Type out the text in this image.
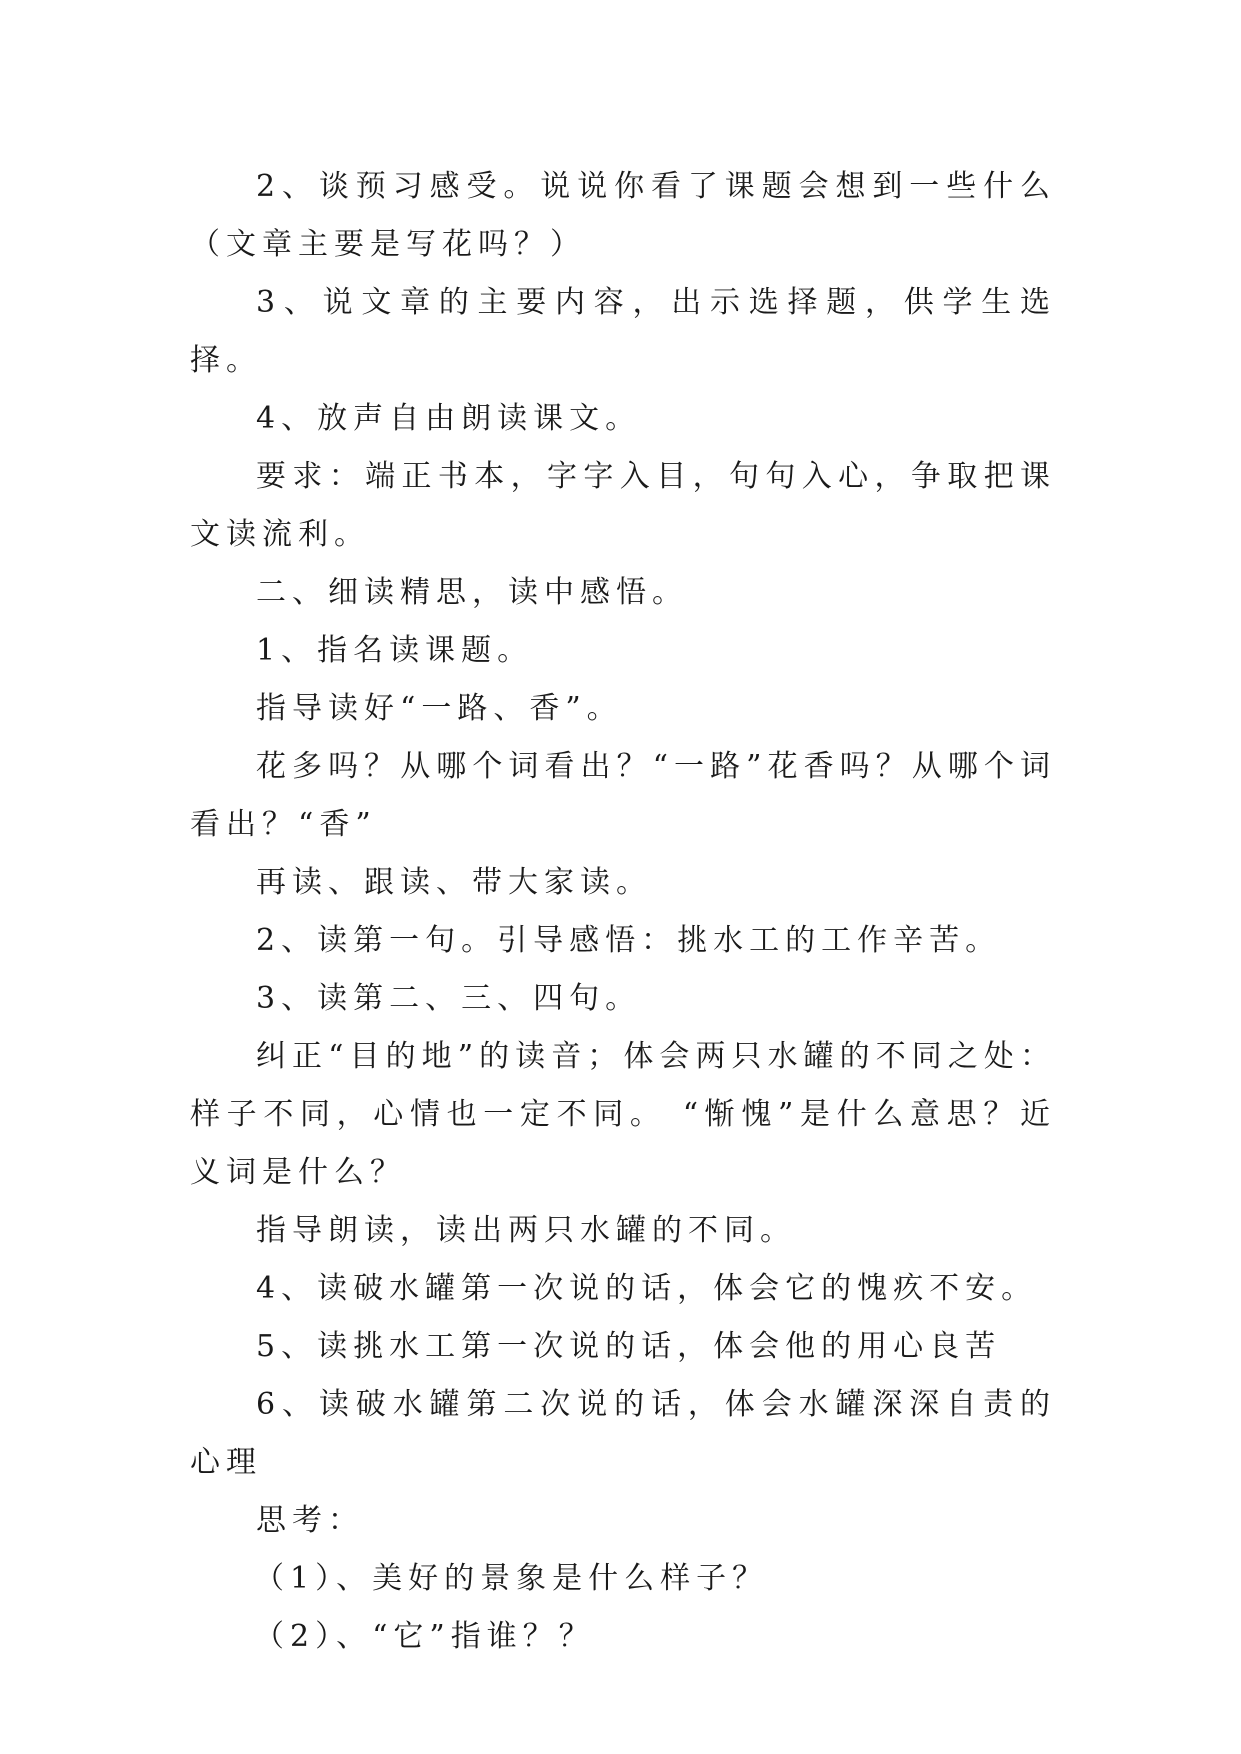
2、谈预习感受。说说你看了课题会想到一些什么（文章主要是写花吗？）

3、说文章的主要内容，出示选择题，供学生选择。

4、放声自由朗读课文。

要求：端正书本，字字入目，句句入心，争取把课文读流利。

二、细读精思，读中感悟。

1、指名读课题。

指导读好“一路、香”。

花多吗？从哪个词看出？“一路”花香吗？从哪个词看出？“香”

再读、跟读、带大家读。

2、读第一句。引导感悟：挑水工的工作辛苦。

3、读第二、三、四句。

纠正“目的地”的读音；体会两只水罐的不同之处：样子不同，心情也一定不同。 “惭愧”是什么意思？近义词是什么？

指导朗读，读出两只水罐的不同。

4、读破水罐第一次说的话，体会它的愧疚不安。

5、读挑水工第一次说的话，体会他的用心良苦

6、读破水罐第二次说的话，体会水罐深深自责的心理

思考：

（1）、美好的景象是什么样子？

（2）、“它”指谁？？
